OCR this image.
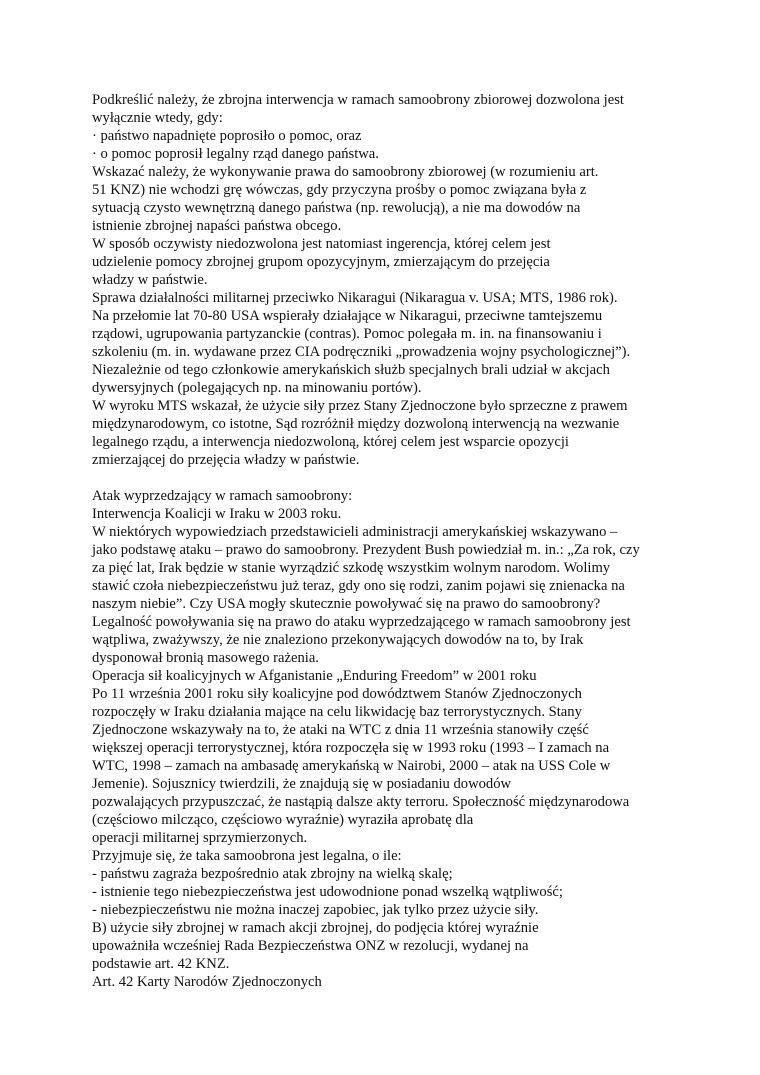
Podkreślić należy, że zbrojna interwencja w ramach samoobrony zbiorowej dozwolona jest
wyłącznie wtedy, gdy:
· państwo napadnięte poprosiło o pomoc, oraz
· o pomoc poprosił legalny rząd danego państwa.
Wskazać należy, że wykonywanie prawa do samoobrony zbiorowej (w rozumieniu art.
51 KNZ) nie wchodzi grę wówczas, gdy przyczyna prośby o pomoc związana była z
sytuacją czysto wewnętrzną danego państwa (np. rewolucją), a nie ma dowodów na
istnienie zbrojnej napaści państwa obcego.
W sposób oczywisty niedozwolona jest natomiast ingerencja, której celem jest
udzielenie pomocy zbrojnej grupom opozycyjnym, zmierzającym do przejęcia
władzy w państwie.
Sprawa działalności militarnej przeciwko Nikaragui (Nikaragua v. USA; MTS, 1986 rok).
Na przełomie lat 70-80 USA wspierały działające w Nikaragui, przeciwne tamtejszemu
rządowi, ugrupowania partyzanckie (contras). Pomoc polegała m. in. na finansowaniu i
szkoleniu (m. in. wydawane przez CIA podręczniki „prowadzenia wojny psychologicznej”).
Niezależnie od tego członkowie amerykańskich służb specjalnych brali udział w akcjach
dywersyjnych (polegających np. na minowaniu portów).
W wyroku MTS wskazał, że użycie siły przez Stany Zjednoczone było sprzeczne z prawem
międzynarodowym, co istotne, Sąd rozróżnił między dozwoloną interwencją na wezwanie
legalnego rządu, a interwencja niedozwoloną, której celem jest wsparcie opozycji
zmierzającej do przejęcia władzy w państwie.
Atak wyprzedzający w ramach samoobrony:
Interwencja Koalicji w Iraku w 2003 roku.
W niektórych wypowiedziach przedstawicieli administracji amerykańskiej wskazywano –
jako podstawę ataku – prawo do samoobrony. Prezydent Bush powiedział m. in.: „Za rok, czy
za pięć lat, Irak będzie w stanie wyrządzić szkodę wszystkim wolnym narodom. Wolimy
stawić czoła niebezpieczeństwu już teraz, gdy ono się rodzi, zanim pojawi się znienacka na
naszym niebie”. Czy USA mogły skutecznie powoływać się na prawo do samoobrony?
Legalność powoływania się na prawo do ataku wyprzedzającego w ramach samoobrony jest
wątpliwa, zważywszy, że nie znaleziono przekonywających dowodów na to, by Irak
dysponował bronią masowego rażenia.
Operacja sił koalicyjnych w Afganistanie „Enduring Freedom” w 2001 roku
Po 11 września 2001 roku siły koalicyjne pod dowództwem Stanów Zjednoczonych
rozpoczęły w Iraku działania mające na celu likwidację baz terrorystycznych. Stany
Zjednoczone wskazywały na to, że ataki na WTC z dnia 11 września stanowiły część
większej operacji terrorystycznej, która rozpoczęła się w 1993 roku (1993 – I zamach na
WTC, 1998 – zamach na ambasadę amerykańską w Nairobi, 2000 – atak na USS Cole w
Jemenie). Sojusznicy twierdzili, że znajdują się w posiadaniu dowodów
pozwalających przypuszczać, że nastąpią dalsze akty terroru. Społeczność międzynarodowa
(częściowo milcząco, częściowo wyraźnie) wyraziła aprobatę dla
operacji militarnej sprzymierzonych.
Przyjmuje się, że taka samoobrona jest legalna, o ile:
- państwu zagraża bezpośrednio atak zbrojny na wielką skalę;
- istnienie tego niebezpieczeństwa jest udowodnione ponad wszelką wątpliwość;
- niebezpieczeństwu nie można inaczej zapobiec, jak tylko przez użycie siły.
B) użycie siły zbrojnej w ramach akcji zbrojnej, do podjęcia której wyraźnie
upoważniła wcześniej Rada Bezpieczeństwa ONZ w rezolucji, wydanej na
podstawie art. 42 KNZ.
Art. 42 Karty Narodów Zjednoczonych
